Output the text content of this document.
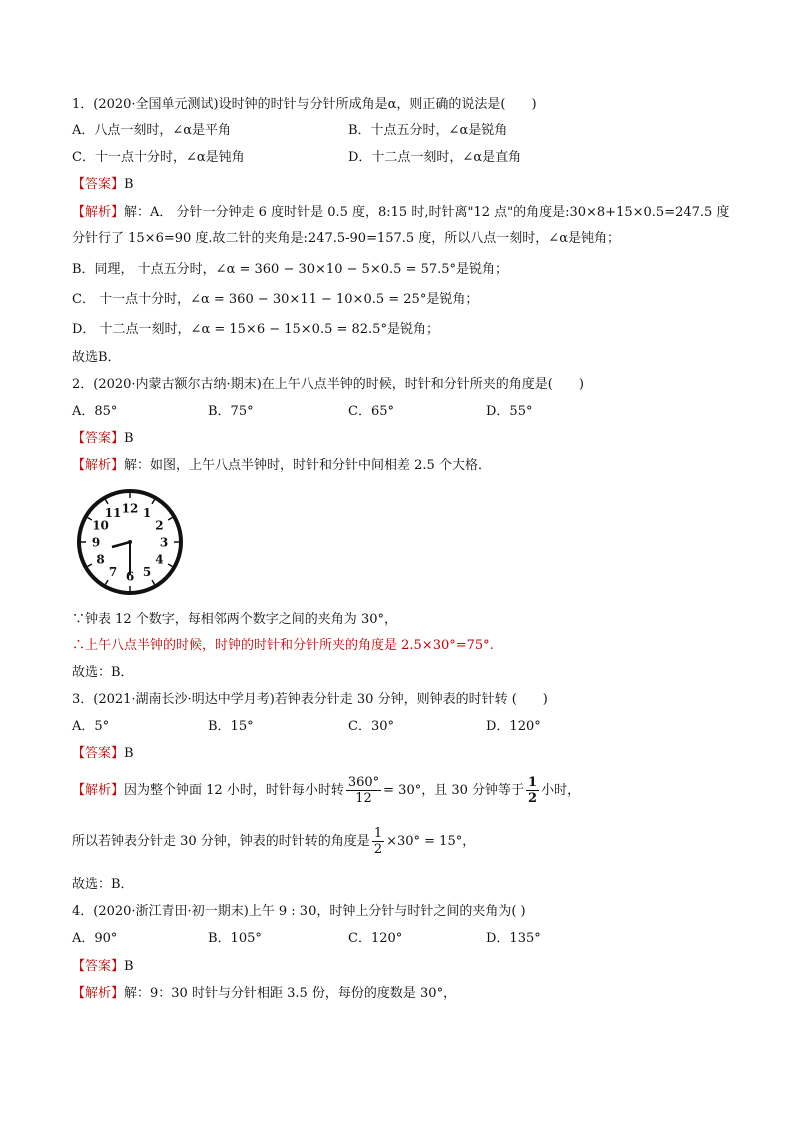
1．(2020·全国单元测试)设时钟的时针与分针所成角是α，则正确的说法是(　　)
A．八点一刻时，∠α是平角	B．十点五分时，∠α是锐角
C．十一点十分时，∠α是钝角	D．十二点一刻时，∠α是直角
【答案】B
【解析】解：A． 分针一分钟走 6 度时针是 0.5 度，8:15 时,时针离"12 点"的角度是:30×8+15×0.5=247.5 度
分针行了 15×6=90 度.故二针的夹角是:247.5-90=157.5 度，所以八点一刻时，∠α是钝角；
B．同理， 十点五分时，∠α = 360 − 30×10 − 5×0.5 = 57.5°是锐角；
C． 十一点十分时，∠α = 360 − 30×11 − 10×0.5 = 25°是锐角；
D． 十二点一刻时，∠α = 15×6 − 15×0.5 = 82.5°是锐角；
故选B．
2．(2020·内蒙古额尔古纳·期末)在上午八点半钟的时候，时针和分针所夹的角度是(　　)
A．85°	B．75°	C．65°	D．55°
【答案】B
【解析】解：如图，上午八点半钟时，时针和分针中间相差 2.5 个大格．
12 1
2
3
4
5
6
7
8
9
10
11
∵钟表 12 个数字，每相邻两个数字之间的夹角为 30°，
∴上午八点半钟的时候，时钟的时针和分针所夹的角度是 2.5×30°=75°.
故选：B．
3．(2021·湖南长沙·明达中学月考)若钟表分针走 30 分钟，则钟表的时针转 (　　)
A．5°	B．15°	C．30°	D．120°
【答案】B
【解析】因为整个钟面 12 小时，时针每小时转 $\frac{360^\circ}{12} = 30^\circ$，且 30 分钟等于 $\frac{1}{2}$ 小时，
所以若钟表分针走 30 分钟，钟表的时针转的角度是 $\frac{1}{2} \times 30^\circ = 15^\circ$，
故选：B．
4．(2020·浙江青田·初一期末)上午 9 : 30，时钟上分针与时针之间的夹角为( )
A．90°	B．105°	C．120°	D．135°
【答案】B
【解析】解：9：30 时针与分针相距 3.5 份，每份的度数是 30°，
